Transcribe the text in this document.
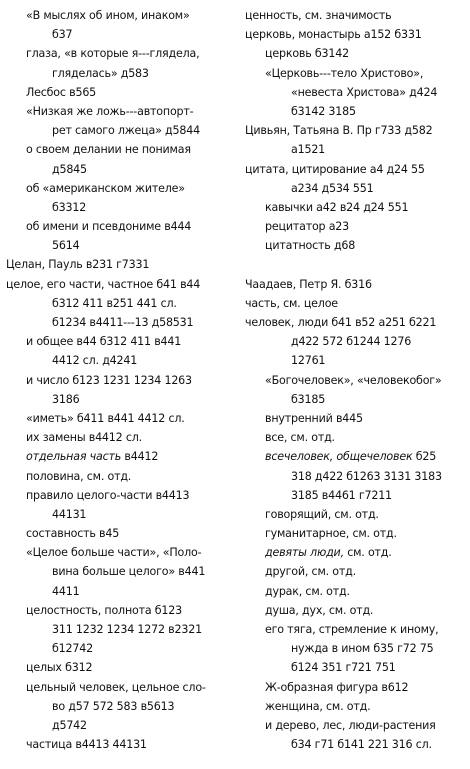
«В мыслях об ином, инаком»
б37
глаза, «в которые я---глядела,
гляделась» д583
Лесбос в565
«Низкая же ложь---автопорт-
рет самого лжеца» д5844
о своем делании не понимая
д5845
об «американском жителе»
б3312
об имени и псевдониме в444
5614
Целан, Пауль в231 г7331
целое, его части, частное б41 в44
б312 411 в251 441 сл.
б1234 в4411---13 д58531
и общее в44 б312 411 в441
4412 сл. д4241
и число б123 1231 1234 1263
3186
«иметь» б411 в441 4412 сл.
их замены в4412 сл.
отдельная часть в4412
половина, см. отд.
правило целого-части в4413
44131
составность в45
«Целое больше части», «Поло-
вина больше целого» в441
4411
целостность, полнота б123
311 1232 1234 1272 в2321
б12742
целых б312
цельный человек, цельное сло-
во д57 572 583 в5613
д5742
частица в4413 44131
ценность, см. значимость
церковь, монастырь а152 б331
церковь б3142
«Церковь---тело Христово»,
«невеста Христова» д424
б3142 3185
Цивьян, Татьяна В. Пр г733 д582
а1521
цитата, цитирование а4 д24 55
а234 д534 551
кавычки а42 в24 д24 551
рецитатор а23
цитатность д68
Чаадаев, Петр Я. б316
часть, см. целое
человек, люди б41 в52 а251 б221
д422 572 б1244 1276
12761
«Богочеловек», «человекобог»
б3185
внутренний в445
все, см. отд.
всечеловек, общечеловек б25
318 д422 б1263 3131 3183
3185 в4461 г7211
говорящий, см. отд.
гуманитарное, см. отд.
девяты люди, см. отд.
другой, см. отд.
дурак, см. отд.
душа, дух, см. отд.
его тяга, стремление к иному,
нужда в ином б35 г72 75
б124 351 г721 751
Ж-образная фигура в612
женщина, см. отд.
и дерево, лес, люди-растения
б34 г71 б141 221 316 сл.
